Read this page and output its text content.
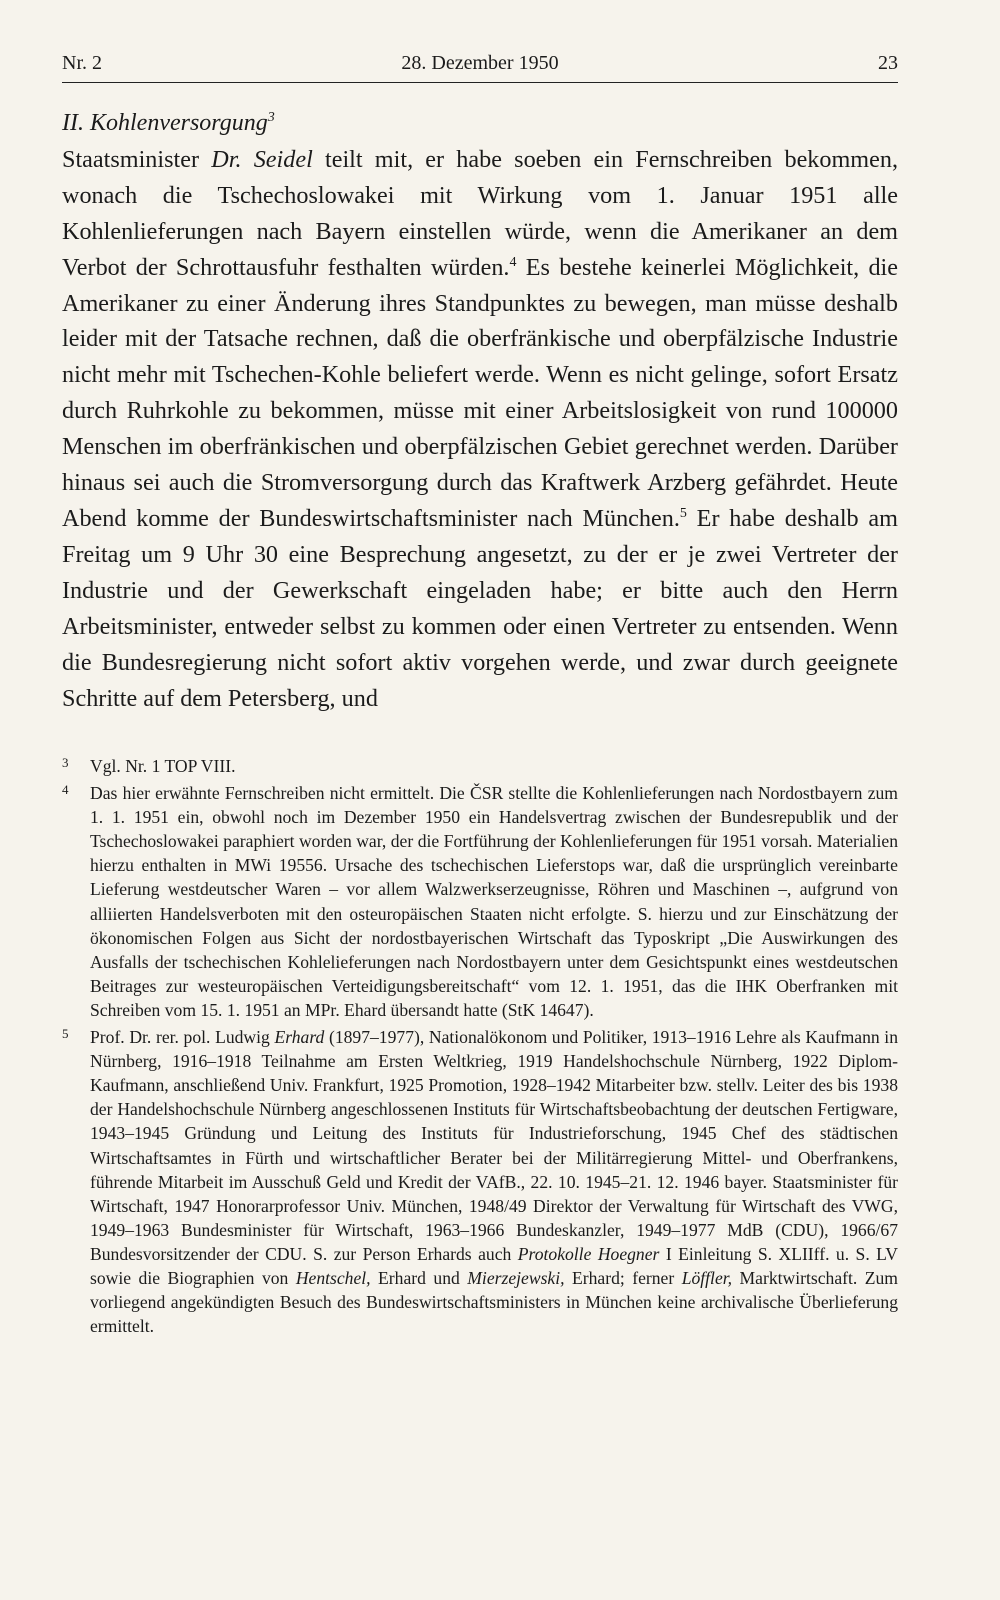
Nr. 2	28. Dezember 1950	23

II. Kohlenversorgung$^3$

Staatsminister Dr. Seidel teilt mit, er habe soeben ein Fernschreiben bekommen, wonach die Tschechoslowakei mit Wirkung vom 1. Januar 1951 alle Kohlenlieferungen nach Bayern einstellen würde, wenn die Amerikaner an dem Verbot der Schrottausfuhr festhalten würden.$^4$ Es bestehe keinerlei Möglichkeit, die Amerikaner zu einer Änderung ihres Standpunktes zu bewegen, man müsse deshalb leider mit der Tatsache rechnen, daß die oberfränkische und oberpfälzische Industrie nicht mehr mit Tschechen-Kohle beliefert werde. Wenn es nicht gelinge, sofort Ersatz durch Ruhrkohle zu bekommen, müsse mit einer Arbeitslosigkeit von rund 100000 Menschen im oberfränkischen und oberpfälzischen Gebiet gerechnet werden. Darüber hinaus sei auch die Stromversorgung durch das Kraftwerk Arzberg gefährdet. Heute Abend komme der Bundeswirtschaftsminister nach München.$^5$ Er habe deshalb am Freitag um 9 Uhr 30 eine Besprechung angesetzt, zu der er je zwei Vertreter der Industrie und der Gewerkschaft eingeladen habe; er bitte auch den Herrn Arbeitsminister, entweder selbst zu kommen oder einen Vertreter zu entsenden. Wenn die Bundesregierung nicht sofort aktiv vorgehen werde, und zwar durch geeignete Schritte auf dem Petersberg, und

3 Vgl. Nr. 1 TOP VIII.

4 Das hier erwähnte Fernschreiben nicht ermittelt. Die ČSR stellte die Kohlenlieferungen nach Nordostbayern zum 1. 1. 1951 ein, obwohl noch im Dezember 1950 ein Handelsvertrag zwischen der Bundesrepublik und der Tschechoslowakei paraphiert worden war, der die Fortführung der Kohlenlieferungen für 1951 vorsah. Materialien hierzu enthalten in MWi 19556. Ursache des tschechischen Lieferstops war, daß die ursprünglich vereinbarte Lieferung westdeutscher Waren – vor allem Walzwerkserzeugnisse, Röhren und Maschinen –, aufgrund von alliierten Handelsverboten mit den osteuropäischen Staaten nicht erfolgte. S. hierzu und zur Einschätzung der ökonomischen Folgen aus Sicht der nordostbayerischen Wirtschaft das Typoskript „Die Auswirkungen des Ausfalls der tschechischen Kohlelieferungen nach Nordostbayern unter dem Gesichtspunkt eines westdeutschen Beitrages zur westeuropäischen Verteidigungsbereitschaft“ vom 12. 1. 1951, das die IHK Oberfranken mit Schreiben vom 15. 1. 1951 an MPr. Ehard übersandt hatte (StK 14647).

5 Prof. Dr. rer. pol. Ludwig Erhard (1897–1977), Nationalökonom und Politiker, 1913–1916 Lehre als Kaufmann in Nürnberg, 1916–1918 Teilnahme am Ersten Weltkrieg, 1919 Handelshochschule Nürnberg, 1922 Diplom-Kaufmann, anschließend Univ. Frankfurt, 1925 Promotion, 1928–1942 Mitarbeiter bzw. stellv. Leiter des bis 1938 der Handelshochschule Nürnberg angeschlossenen Instituts für Wirtschaftsbeobachtung der deutschen Fertigware, 1943–1945 Gründung und Leitung des Instituts für Industrieforschung, 1945 Chef des städtischen Wirtschaftsamtes in Fürth und wirtschaftlicher Berater bei der Militärregierung Mittel- und Oberfrankens, führende Mitarbeit im Ausschuß Geld und Kredit der VAfB., 22. 10. 1945–21. 12. 1946 bayer. Staatsminister für Wirtschaft, 1947 Honorarprofessor Univ. München, 1948/49 Direktor der Verwaltung für Wirtschaft des VWG, 1949–1963 Bundesminister für Wirtschaft, 1963–1966 Bundeskanzler, 1949–1977 MdB (CDU), 1966/67 Bundesvorsitzender der CDU. S. zur Person Erhards auch Protokolle Hoegner I Einleitung S. XLIIff. u. S. LV sowie die Biographien von Hentschel, Erhard und Mierzejewski, Erhard; ferner Löffler, Marktwirtschaft. Zum vorliegend angekündigten Besuch des Bundeswirtschaftsministers in München keine archivalische Überlieferung ermittelt.
